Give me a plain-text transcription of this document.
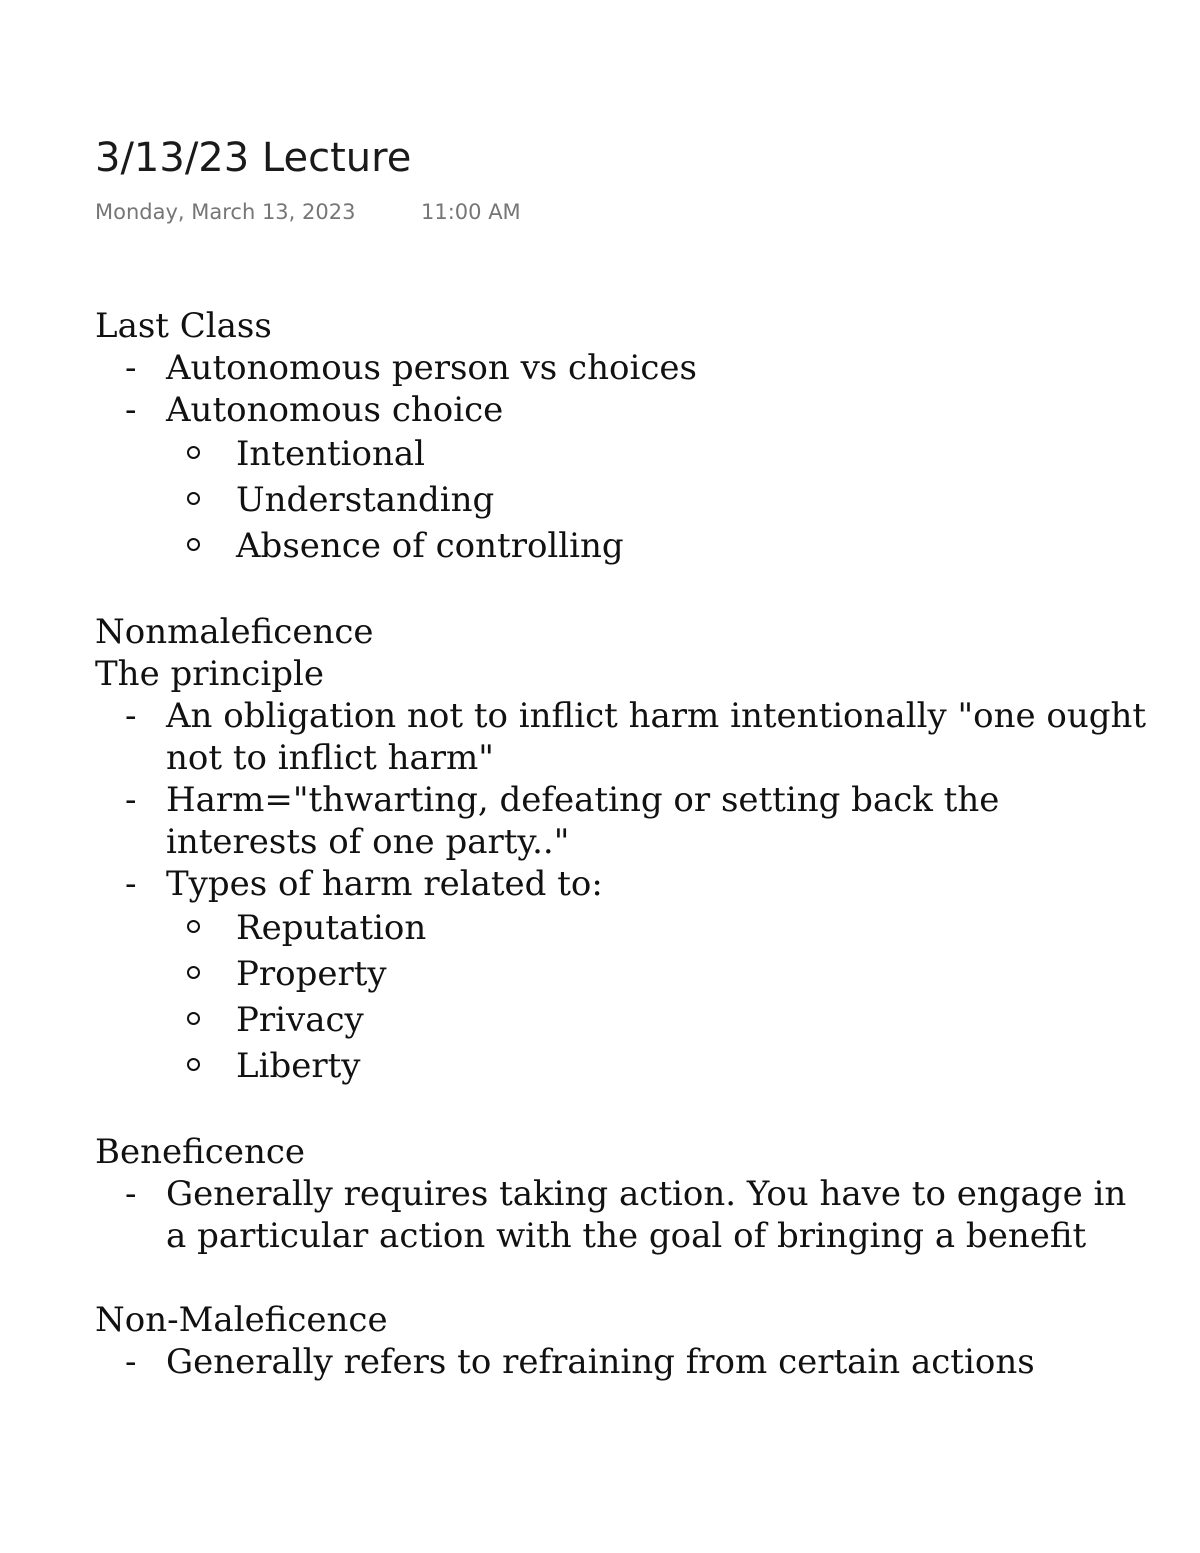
3/13/23 Lecture
Monday, March 13, 2023	11:00 AM
Last Class
- Autonomous person vs choices
- Autonomous choice
Intentional
Understanding
Absence of controlling
Nonmaleficence
The principle
- An obligation not to inflict harm intentionally "one ought not to inflict harm"
- Harm="thwarting, defeating or setting back the interests of one party.."
- Types of harm related to:
Reputation
Property
Privacy
Liberty
Beneficence
- Generally requires taking action. You have to engage in a particular action with the goal of bringing a benefit
Non-Maleficence
- Generally refers to refraining from certain actions
